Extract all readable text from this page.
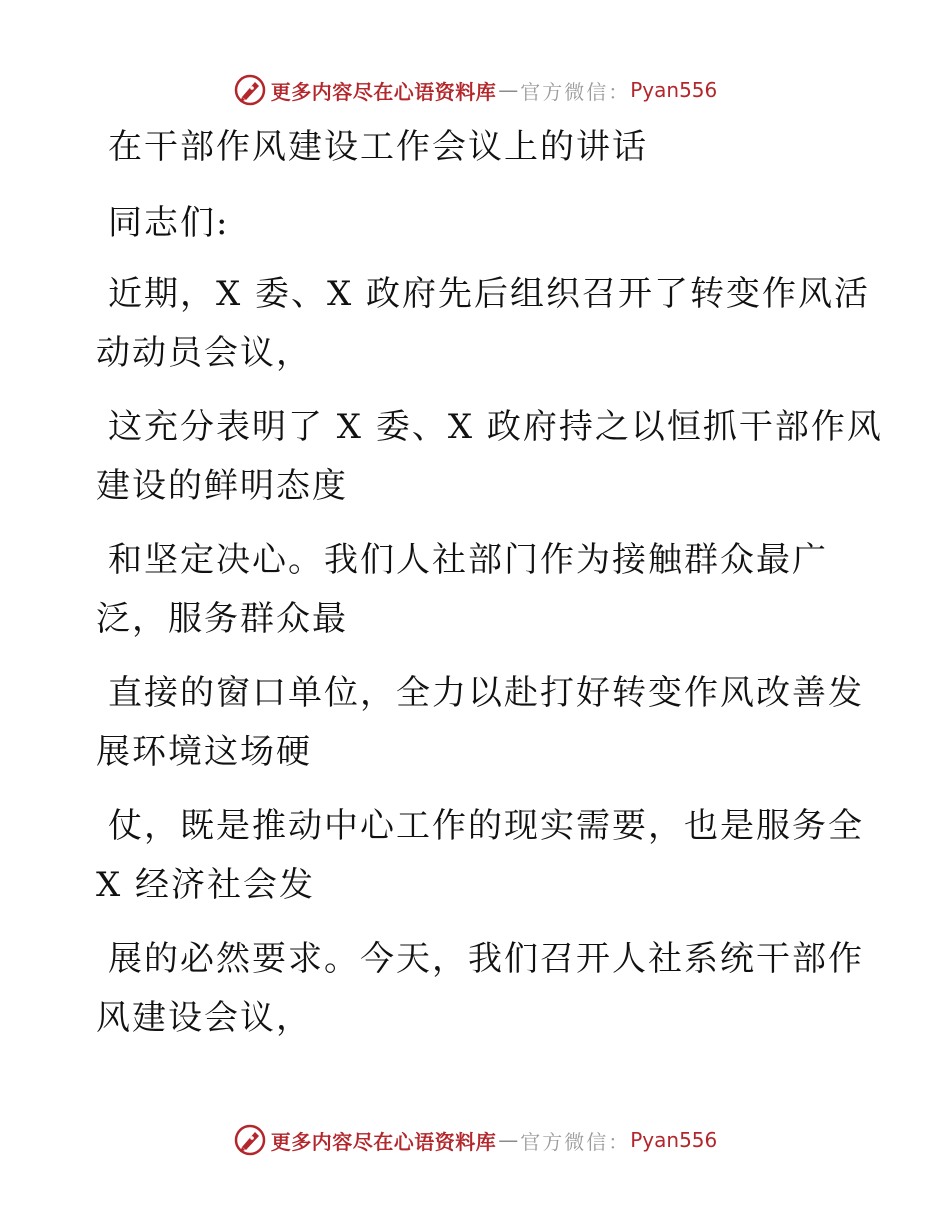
更多内容尽在心语资料库 — 官方微信： Pyan556
在干部作风建设工作会议上的讲话
同志们:
近期，X 委、X 政府先后组织召开了转变作风活
动动员会议，
这充分表明了 X 委、X 政府持之以恒抓干部作风
建设的鲜明态度
和坚定决心。我们人社部门作为接触群众最广
泛，服务群众最
直接的窗口单位，全力以赴打好转变作风改善发
展环境这场硬
仗，既是推动中心工作的现实需要，也是服务全
X 经济社会发
展的必然要求。今天，我们召开人社系统干部作
风建设会议，
更多内容尽在心语资料库 — 官方微信： Pyan556
